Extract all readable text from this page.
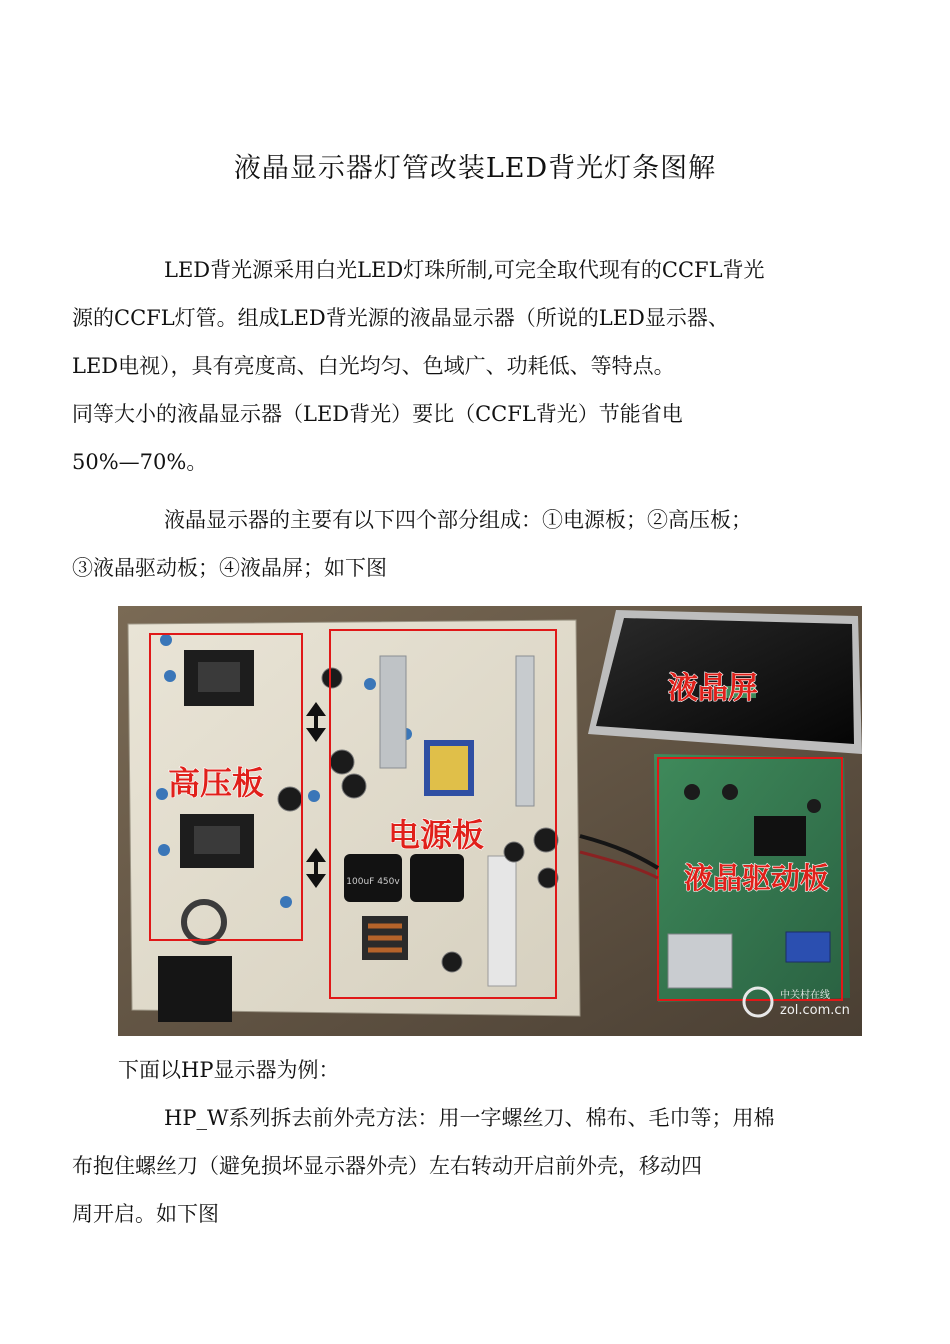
液晶显示器灯管改装LED背光灯条图解

LED背光源采用白光LED灯珠所制,可完全取代现有的CCFL背光
源的CCFL灯管。组成LED背光源的液晶显示器（所说的LED显示器、
LED电视），具有亮度高、白光均匀、色域广、功耗低、等特点。
同等大小的液晶显示器（LED背光）要比（CCFL背光）节能省电
50%—70%。

液晶显示器的主要有以下四个部分组成：①电源板；②高压板；
③液晶驱动板；④液晶屏；如下图

100uF 450v
高压板
电源板
液晶屏
液晶驱动板
中关村在线
zol.com.cn

下面以HP显示器为例：

HP_W系列拆去前外壳方法：用一字螺丝刀、棉布、毛巾等；用棉
布抱住螺丝刀（避免损坏显示器外壳）左右转动开启前外壳，移动四
周开启。如下图
